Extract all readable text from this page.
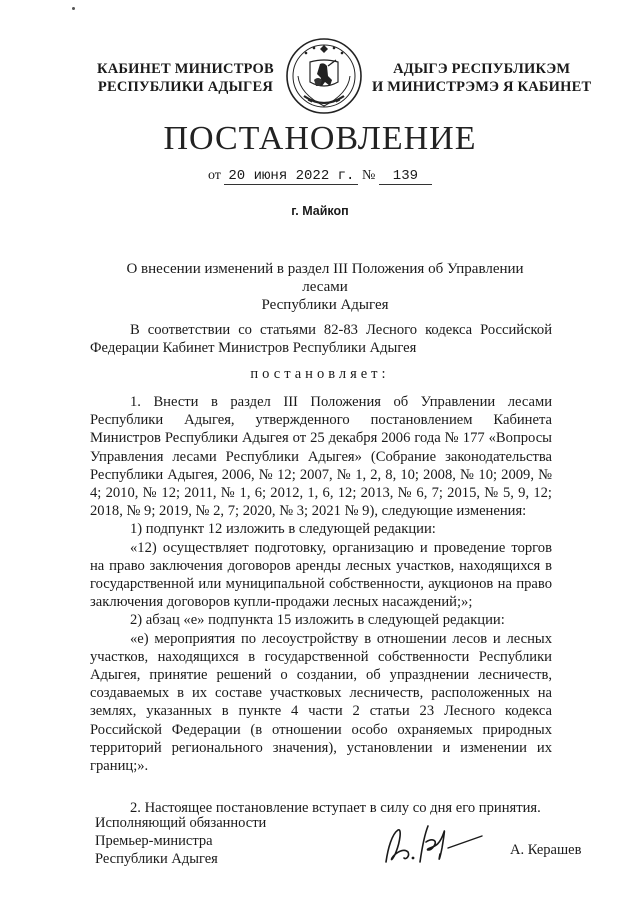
КАБИНЕТ МИНИСТРОВ
РЕСПУБЛИКИ АДЫГЕЯ
АДЫГЭ РЕСПУБЛИКЭМ
И МИНИСТРЭМЭ Я КАБИНЕТ
ПОСТАНОВЛЕНИЕ
от 20 июня 2022 г. № 139
г. Майкоп
О внесении изменений в раздел III Положения об Управлении лесами
Республики Адыгея

В соответствии со статьями 82-83 Лесного кодекса Российской Федерации Кабинет Министров Республики Адыгея

постановляет:

1. Внести в раздел III Положения об Управлении лесами Республики Адыгея, утвержденного постановлением Кабинета Министров Республики Адыгея от 25 декабря 2006 года № 177 «Вопросы Управления лесами Республики Адыгея» (Собрание законодательства Республики Адыгея, 2006, № 12; 2007, № 1, 2, 8, 10; 2008, № 10; 2009, № 4; 2010, № 12; 2011, № 1, 6; 2012, 1, 6, 12; 2013, № 6, 7; 2015, № 5, 9, 12; 2018, № 9; 2019, № 2, 7; 2020, № 3; 2021 № 9), следующие изменения:

1) подпункт 12 изложить в следующей редакции:

«12) осуществляет подготовку, организацию и проведение торгов на право заключения договоров аренды лесных участков, находящихся в государственной или муниципальной собственности, аукционов на право заключения договоров купли-продажи лесных насаждений;»;

2) абзац «е» подпункта 15 изложить в следующей редакции:

«е) мероприятия по лесоустройству в отношении лесов и лесных участков, находящихся в государственной собственности Республики Адыгея, принятие решений о создании, об упразднении лесничеств, создаваемых в их составе участковых лесничеств, расположенных на землях, указанных в пункте 4 части 2 статьи 23 Лесного кодекса Российской Федерации (в отношении особо охраняемых природных территорий регионального значения), установлении и изменении их границ;».

2. Настоящее постановление вступает в силу со дня его принятия.

Исполняющий обязанности
Премьер-министра
Республики Адыгея
А. Керашев
